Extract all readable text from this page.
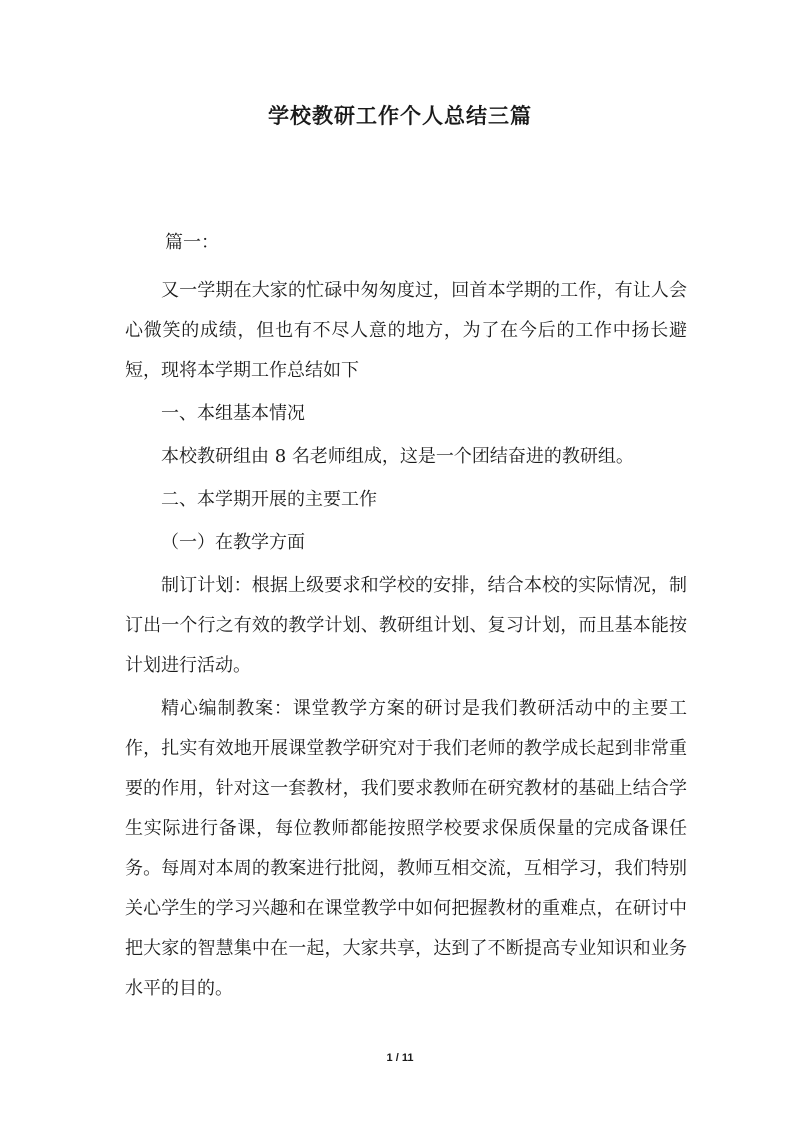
学校教研工作个人总结三篇

篇一：

又一学期在大家的忙碌中匆匆度过，回首本学期的工作，有让人会心微笑的成绩，但也有不尽人意的地方，为了在今后的工作中扬长避短，现将本学期工作总结如下

一、本组基本情况

本校教研组由 8 名老师组成，这是一个团结奋进的教研组。

二、本学期开展的主要工作

（一）在教学方面

制订计划：根据上级要求和学校的安排，结合本校的实际情况，制订出一个行之有效的教学计划、教研组计划、复习计划，而且基本能按计划进行活动。

精心编制教案：课堂教学方案的研讨是我们教研活动中的主要工作，扎实有效地开展课堂教学研究对于我们老师的教学成长起到非常重要的作用，针对这一套教材，我们要求教师在研究教材的基础上结合学生实际进行备课，每位教师都能按照学校要求保质保量的完成备课任务。每周对本周的教案进行批阅，教师互相交流，互相学习，我们特别关心学生的学习兴趣和在课堂教学中如何把握教材的重难点，在研讨中把大家的智慧集中在一起，大家共享，达到了不断提高专业知识和业务水平的目的。

1 / 11
